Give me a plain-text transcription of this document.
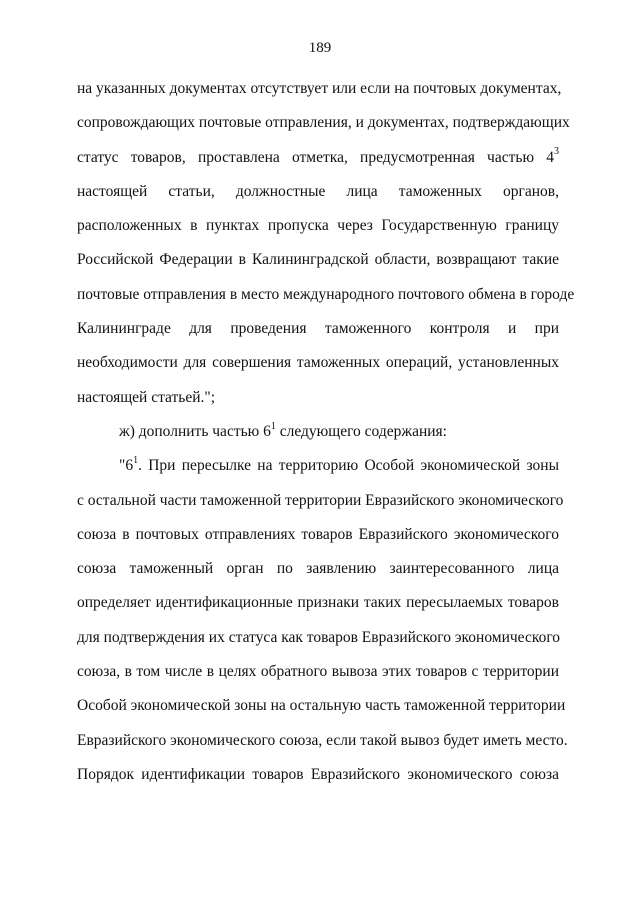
189
на указанных документах отсутствует или если на почтовых документах,
сопровождающих почтовые отправления, и документах, подтверждающих
статус товаров, проставлена отметка, предусмотренная частью $4^3$
настоящей статьи, должностные лица таможенных органов,
расположенных в пунктах пропуска через Государственную границу
Российской Федерации в Калининградской области, возвращают такие
почтовые отправления в место международного почтового обмена в городе
Калининграде для проведения таможенного контроля и при
необходимости для совершения таможенных операций, установленных
настоящей статьей.";
ж) дополнить частью $6^1$ следующего содержания:
"$6^1$. При пересылке на территорию Особой экономической зоны
с остальной части таможенной территории Евразийского экономического
союза в почтовых отправлениях товаров Евразийского экономического
союза таможенный орган по заявлению заинтересованного лица
определяет идентификационные признаки таких пересылаемых товаров
для подтверждения их статуса как товаров Евразийского экономического
союза, в том числе в целях обратного вывоза этих товаров с территории
Особой экономической зоны на остальную часть таможенной территории
Евразийского экономического союза, если такой вывоз будет иметь место.
Порядок идентификации товаров Евразийского экономического союза
